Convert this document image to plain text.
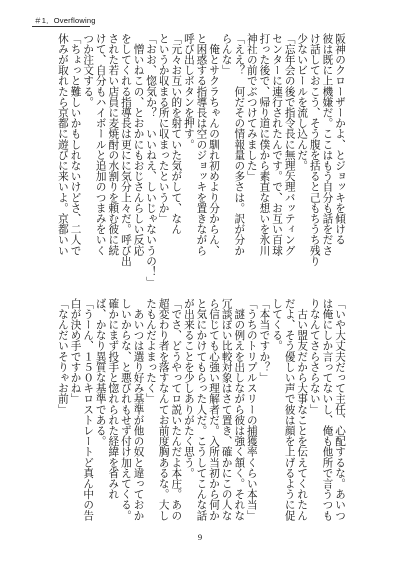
＃1．Overflowing
阪神のクローザーかよ、とジョッキを傾ける
彼は既に上機嫌だ。ここはもう自分も話をださ
け話しておこう、そう腹を括ると己もちうち残り
少ないビールを流し込んだ。
「忘年会の後で指令長に無理矢理バッティング
センターに連行されたんです。で、お互い百球
打った後で、帰り道に僕から素直な想いを氷川
神社の前でぶつけてみました」
「ええ？　何だその情報量の多さは。訳が分か
らんな」
　俺とサクラちゃんの馴れ初めより分からん、
と困惑する指導長は空のジョッキを置きながら
呼び出しボタンを押す。
「元々お互い的を射ていた気がして、なん
というか収まる所に収まったというか」
「おお、惚気か？　いいねえ、しいじゃないうの！」
　憎いねこの、とおかにもおじさんらしい反応
をしてくれる指導長は更にに気分上々だ。呼び出
された若い店員に麦焼酎の水割りを頼む彼に続
けて、自分もハイボールと追加のつまみをいく
つか注文する。
「ちょっと難しいかもしれないけどさ、二人で
休みが取れたら京都に遊びに来いよ。京都いい
「いや大丈夫だって主任、心配するな。あいつ
は俺にしか言ってないし、俺も他所で言うつも
りなんてさらさらない」
　古い盟友だから大事なことを伝えてくれたん
だよ、そう優しい声で彼は顔を上げるように促
してくる。
「本当ですか？」
「うちのトリプルスリーの捕獲率くらい本当」
　謎の例えを出しながら彼は強く頷く。それな
冗談ぽい比較対象はさて置き、確かにこの人な
ら信じても心強い理解者だ。入所当初から何か
と気にかけてもらった人だ。こうしてこんな話
が出来ることを少しありがたく思う。
「でさ、どうやってロ説いたんだよ本庄。あの
超変わり者を落すなんてお前度胸あるな。大し
たもんだよまったく」
　あいつは選り好み基準が他の奴と違っておか
しいからな、と悪びれもせず付け加えてくる。
確かにまず投手と惚れられた経緯を省みれ
ば、かなり異質な基準である。
「うーん、１５０キロストレートど真ん中の告
白が決め手ですかね」
「なんだいそりゃお前」
9
